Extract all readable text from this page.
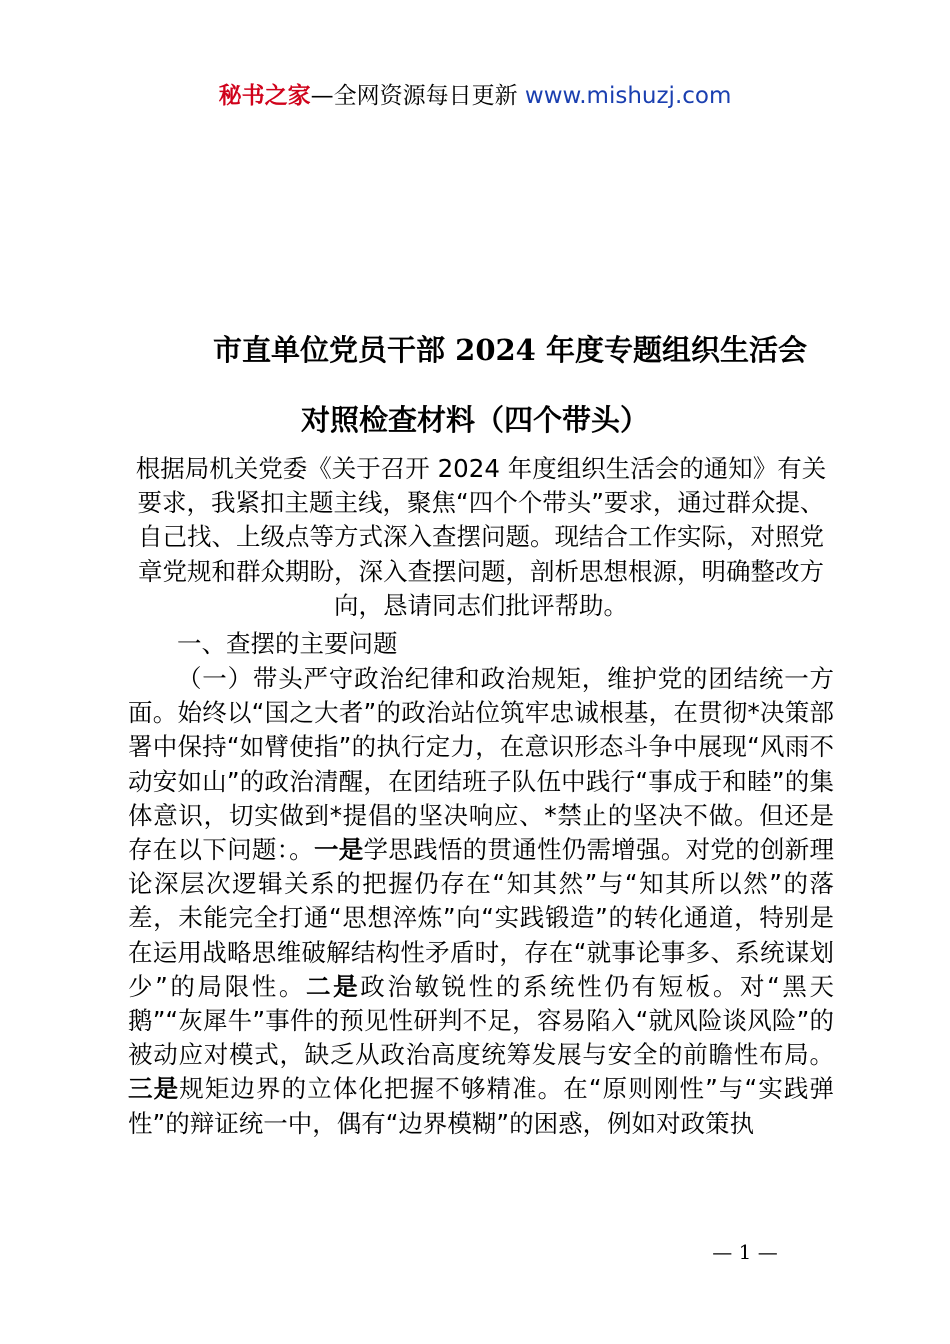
秘书之家—全网资源每日更新 www.mishuzj.com
市直单位党员干部 2024 年度专题组织生活会
对照检查材料（四个带头）
根据局机关党委《关于召开 2024 年度组织生活会的通知》有关要求，我紧扣主题主线，聚焦“四个个带头”要求，通过群众提、自己找、上级点等方式深入查摆问题。现结合工作实际，对照党章党规和群众期盼，深入查摆问题，剖析思想根源，明确整改方向，恳请同志们批评帮助。
一、查摆的主要问题
（一）带头严守政治纪律和政治规矩，维护党的团结统一方面。始终以“国之大者”的政治站位筑牢忠诚根基，在贯彻*决策部署中保持“如臂使指”的执行定力，在意识形态斗争中展现“风雨不动安如山”的政治清醒，在团结班子队伍中践行“事成于和睦”的集体意识，切实做到*提倡的坚决响应、*禁止的坚决不做。但还是存在以下问题：。一是学思践悟的贯通性仍需增强。对党的创新理论深层次逻辑关系的把握仍存在“知其然”与“知其所以然”的落差，未能完全打通“思想淬炼”向“实践锻造”的转化通道，特别是在运用战略思维破解结构性矛盾时，存在“就事论事多、系统谋划少”的局限性。二是政治敏锐性的系统性仍有短板。对“黑天鹅”“灰犀牛”事件的预见性研判不足，容易陷入“就风险谈风险”的被动应对模式，缺乏从政治高度统筹发展与安全的前瞻性布局。三是规矩边界的立体化把握不够精准。在“原则刚性”与“实践弹性”的辩证统一中，偶有“边界模糊”的困惑，例如对政策执
— 1 —
